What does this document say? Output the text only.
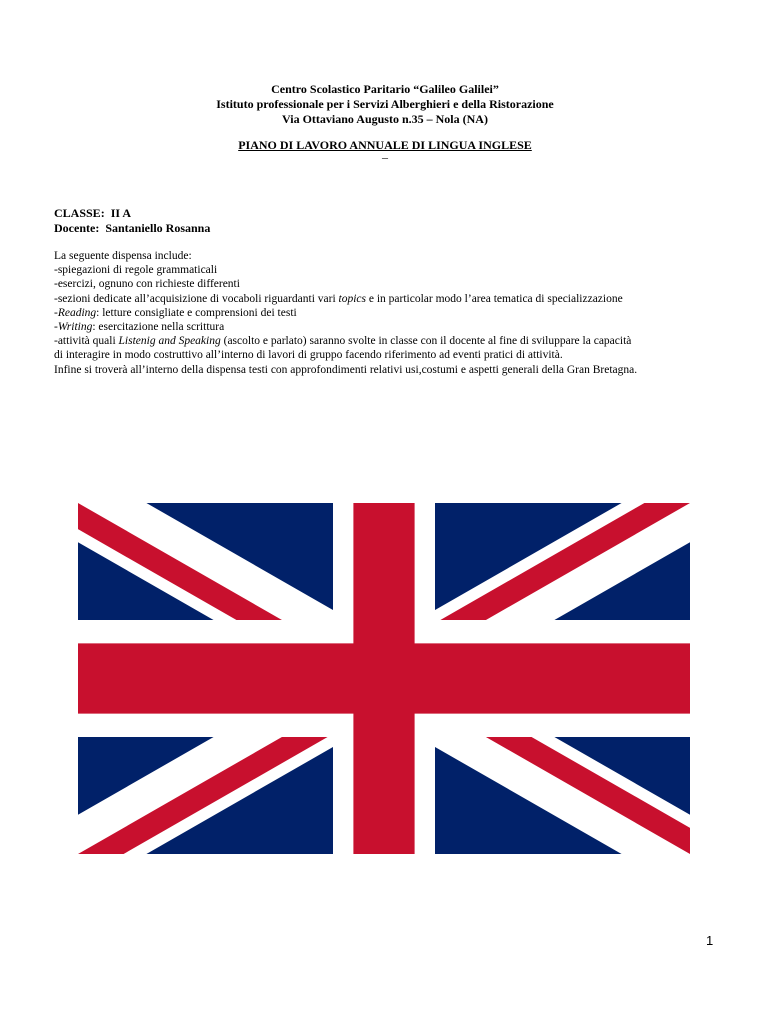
Centro Scolastico Paritario “Galileo Galilei”
Istituto professionale per i Servizi Alberghieri e della Ristorazione
Via Ottaviano Augusto n.35 – Nola (NA)
PIANO DI LAVORO ANNUALE DI LINGUA INGLESE
–
CLASSE: II A
Docente: Santaniello Rosanna

La seguente dispensa include:

-spiegazioni di regole grammaticali

-esercizi, ognuno con richieste differenti

-sezioni dedicate all’acquisizione di vocaboli riguardanti vari topics e in particolar modo l’area tematica di specializzazione

-Reading: letture consigliate e comprensioni dei testi

-Writing: esercitazione nella scrittura

-attività quali Listenig and Speaking (ascolto e parlato) saranno svolte in classe con il docente al fine di sviluppare la capacità

di interagire in modo costruttivo all’interno di lavori di gruppo facendo riferimento ad eventi pratici di attività.

Infine si troverà all’interno della dispensa testi con approfondimenti relativi usi,costumi e aspetti generali della Gran Bretagna.

1
